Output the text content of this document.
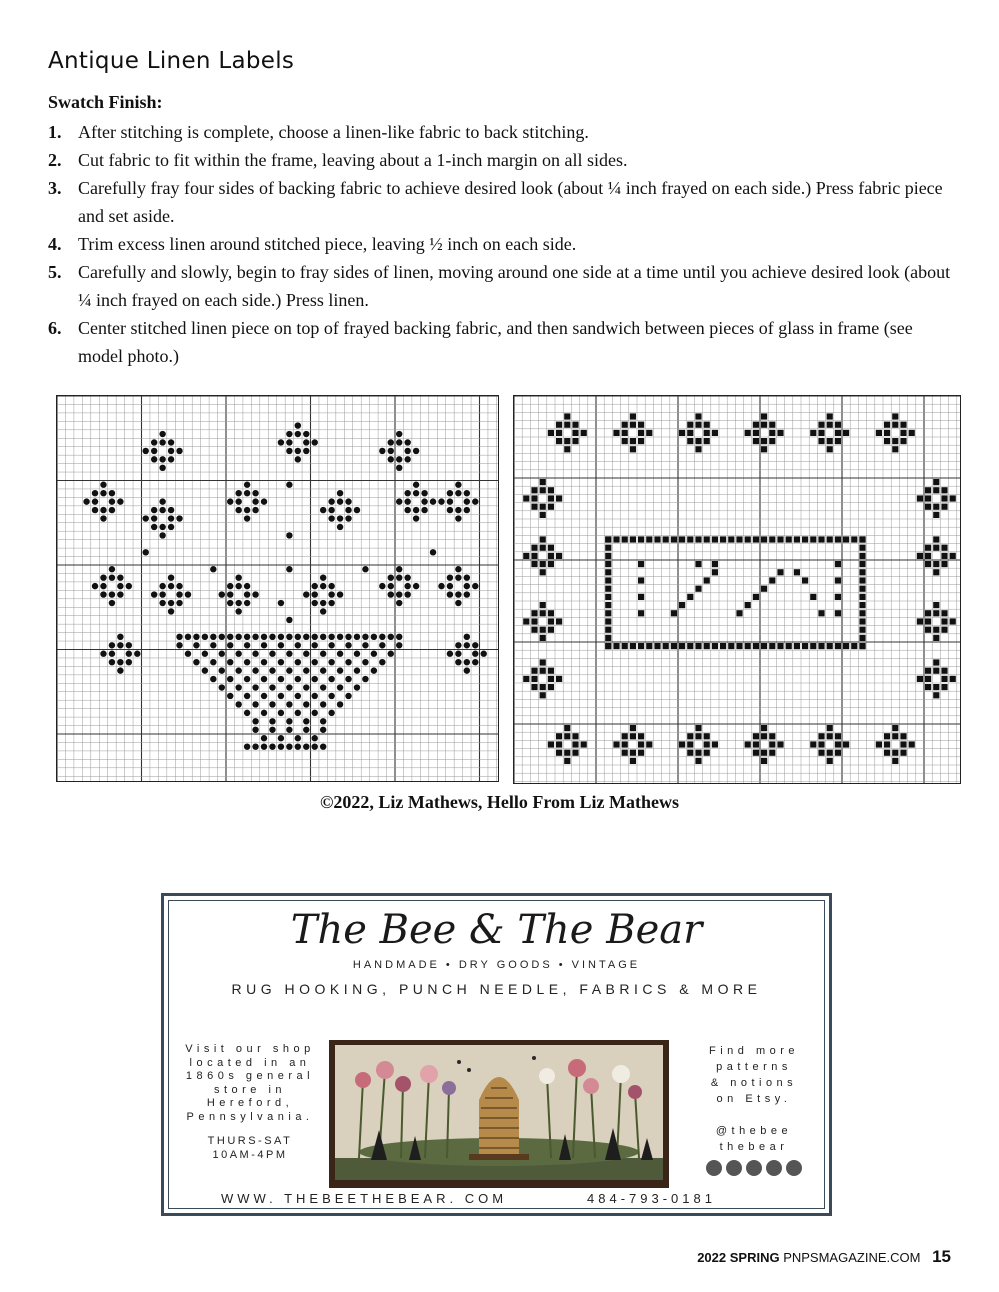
Antique Linen Labels
Swatch Finish:
1. After stitching is complete, choose a linen-like fabric to back stitching.
2. Cut fabric to fit within the frame, leaving about a 1-inch margin on all sides.
3. Carefully fray four sides of backing fabric to achieve desired look (about ¼ inch frayed on each side.) Press fabric piece and set aside.
4. Trim excess linen around stitched piece, leaving ½ inch on each side.
5. Carefully and slowly, begin to fray sides of linen, moving around one side at a time until you achieve desired look (about ¼ inch frayed on each side.) Press linen.
6. Center stitched linen piece on top of frayed backing fabric, and then sandwich between pieces of glass in frame (see model photo.)
©2022, Liz Mathews, Hello From Liz Mathews
The Bee & The Bear
HANDMADE • DRY GOODS • VINTAGE
RUG HOOKING, PUNCH NEEDLE, FABRICS & MORE
Visit our shop
located in an
1860s general
store in
Hereford,
Pennsylvania.
THURS-SAT
10AM-4PM
Find more
patterns
& notions
on Etsy.
@thebee
thebear
WWW. THEBEETHEBEAR. COM	484-793-0181
2022 SPRING PNPSMAGAZINE.COM 15
